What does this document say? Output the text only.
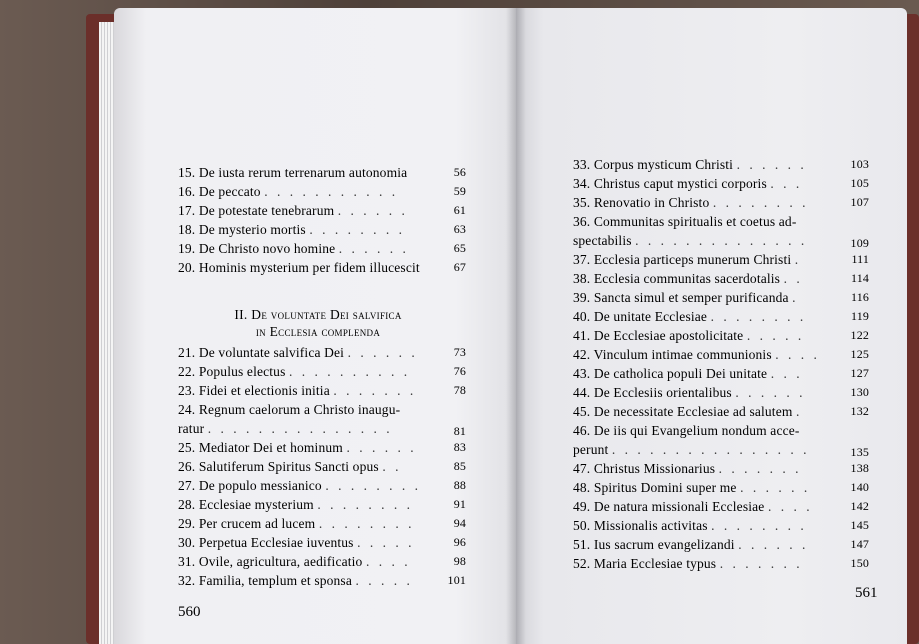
15. De iusta rerum terrenarum autonomia	56
16. De peccato . . . . . . . . . . .	59
17. De potestate tenebrarum . . . . . .	61
18. De mysterio mortis . . . . . . . .	63
19. De Christo novo homine . . . . . .	65
20. Hominis mysterium per fidem illucescit	67
II. De voluntate Dei salvifica
in Ecclesia complenda
21. De voluntate salvifica Dei . . . . . .	73
22. Populus electus . . . . . . . . . .	76
23. Fidei et electionis initia . . . . . . .	78
24. Regnum caelorum a Christo inaugu-
ratur . . . . . . . . . . . . . . .	81
25. Mediator Dei et hominum . . . . . .	83
26. Salutiferum Spiritus Sancti opus . .	85
27. De populo messianico . . . . . . . .	88
28. Ecclesiae mysterium . . . . . . . .	91
29. Per crucem ad lucem . . . . . . . .	94
30. Perpetua Ecclesiae iuventus . . . . .	96
31. Ovile, agricultura, aedificatio . . . .	98
32. Familia, templum et sponsa . . . . .	101
33. Corpus mysticum Christi . . . . . .	103
34. Christus caput mystici corporis . . .	105
35. Renovatio in Christo . . . . . . . .	107
36. Communitas spiritualis et coetus ad-
spectabilis . . . . . . . . . . . . . .	109
37. Ecclesia particeps munerum Christi .	111
38. Ecclesia communitas sacerdotalis . .	114
39. Sancta simul et semper purificanda .	116
40. De unitate Ecclesiae . . . . . . . .	119
41. De Ecclesiae apostolicitate . . . . .	122
42. Vinculum intimae communionis . . . .	125
43. De catholica populi Dei unitate . . .	127
44. De Ecclesiis orientalibus . . . . . .	130
45. De necessitate Ecclesiae ad salutem .	132
46. De iis qui Evangelium nondum acce-
perunt . . . . . . . . . . . . . . . .	135
47. Christus Missionarius . . . . . . .	138
48. Spiritus Domini super me . . . . . .	140
49. De natura missionali Ecclesiae . . . .	142
50. Missionalis activitas . . . . . . . .	145
51. Ius sacrum evangelizandi . . . . . .	147
52. Maria Ecclesiae typus . . . . . . .	150
560
561
